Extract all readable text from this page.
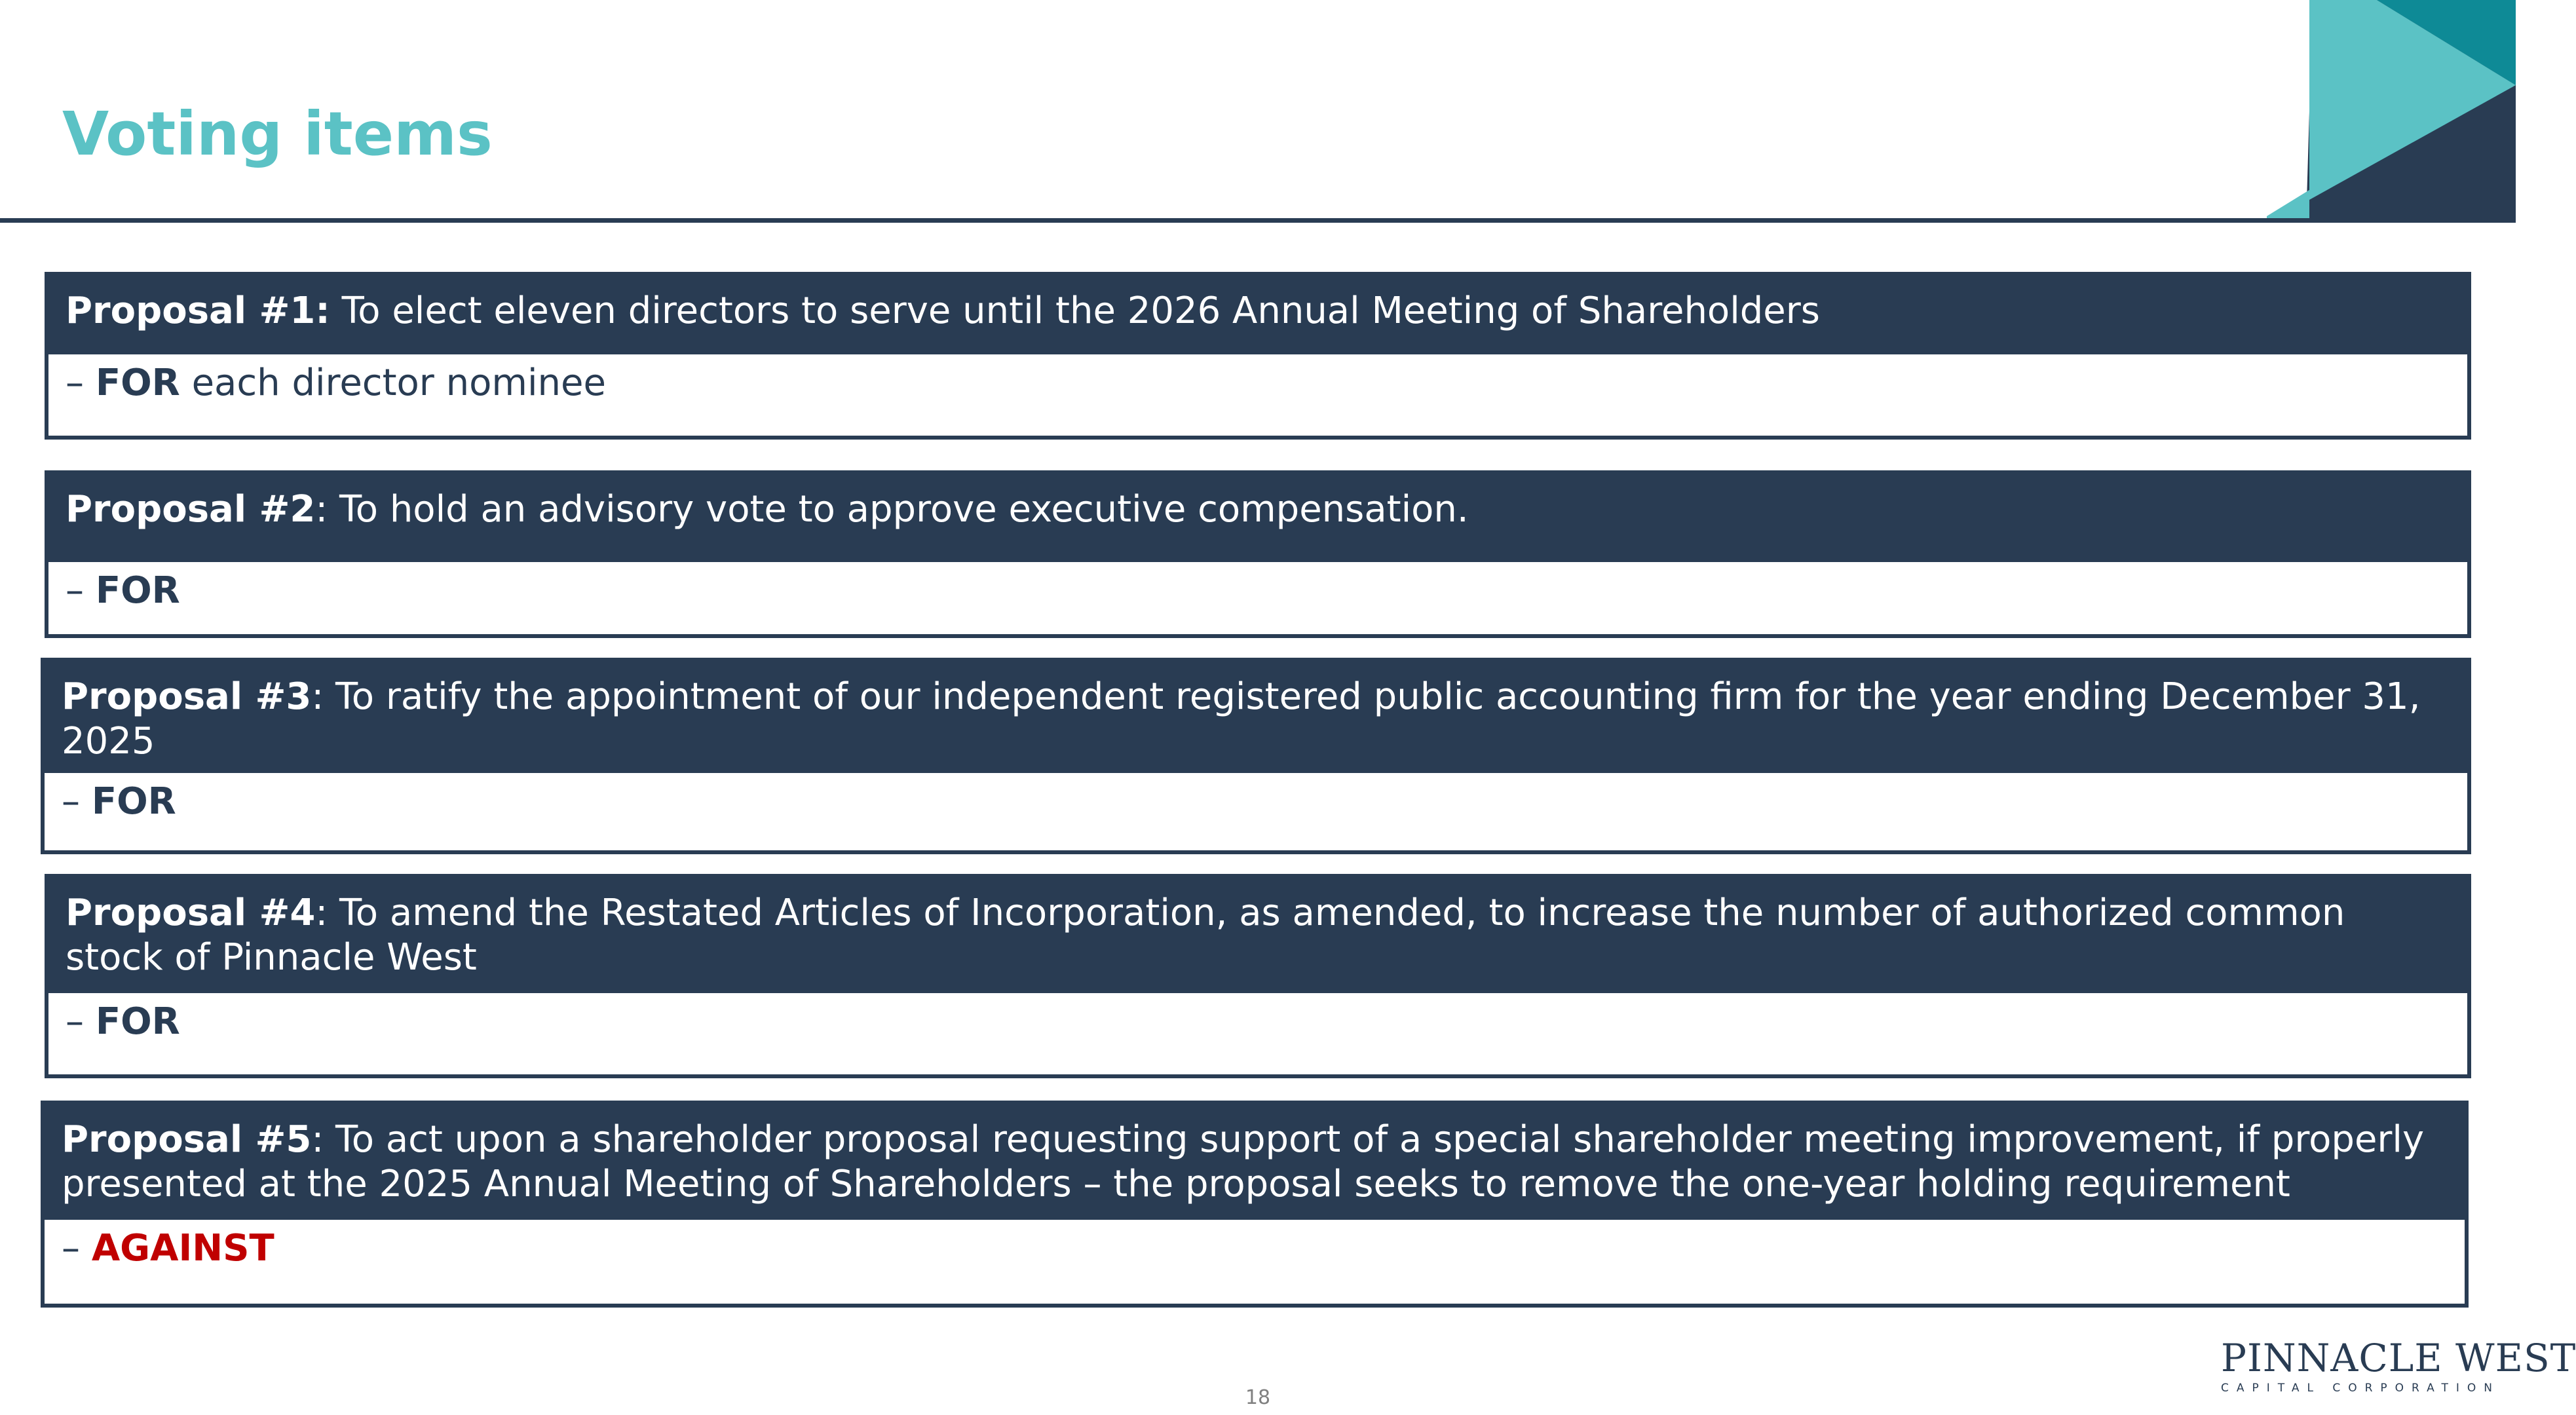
Voting items
Proposal #1: To elect eleven directors to serve until the 2026 Annual Meeting of Shareholders
– FOR each director nominee
Proposal #2: To hold an advisory vote to approve executive compensation.
– FOR
Proposal #3: To ratify the appointment of our independent registered public accounting firm for the year ending December 31, 2025
– FOR
Proposal #4: To amend the Restated Articles of Incorporation, as amended, to increase the number of authorized common stock of Pinnacle West
– FOR
Proposal #5: To act upon a shareholder proposal requesting support of a special shareholder meeting improvement, if properly presented at the 2025 Annual Meeting of Shareholders – the proposal seeks to remove the one-year holding requirement
– AGAINST
18
PINNACLE WEST
CAPITAL CORPORATION
